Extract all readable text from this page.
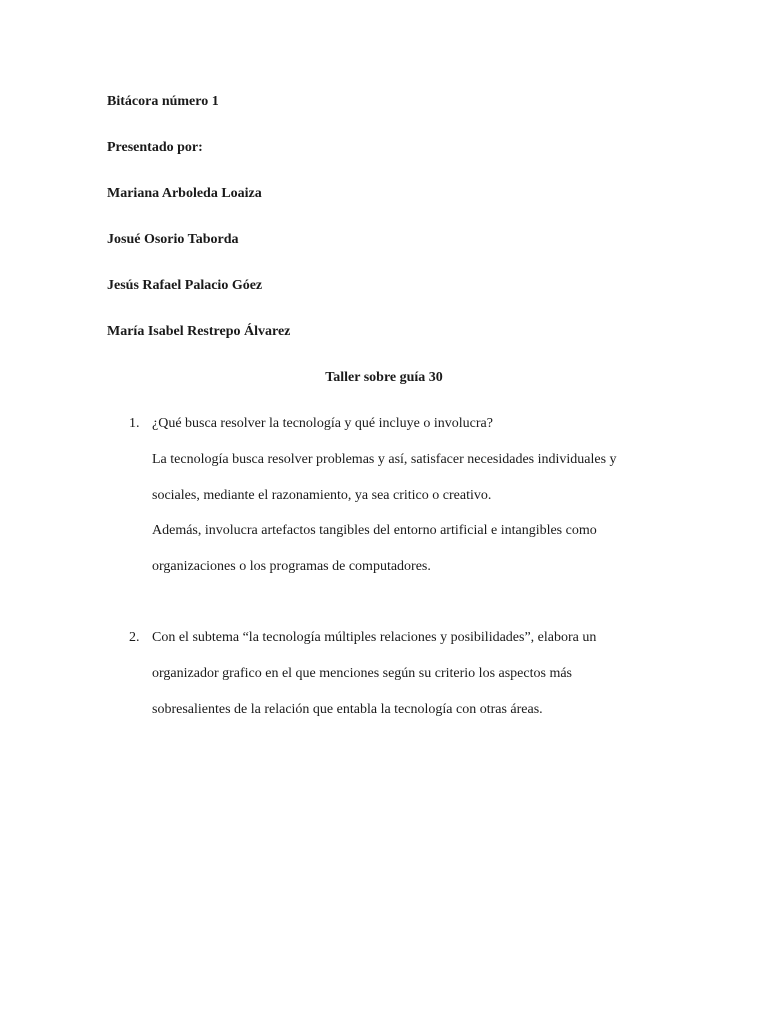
Bitácora número 1
Presentado por:
Mariana Arboleda Loaiza
Josué Osorio Taborda
Jesús Rafael Palacio Góez
María Isabel Restrepo Álvarez
Taller sobre guía 30
1. ¿Qué busca resolver la tecnología y qué incluye o involucra?
La tecnología busca resolver problemas y así, satisfacer necesidades individuales y
sociales, mediante el razonamiento, ya sea critico o creativo.
Además, involucra artefactos tangibles del entorno artificial e intangibles como
organizaciones o los programas de computadores.
2. Con el subtema “la tecnología múltiples relaciones y posibilidades”, elabora un
organizador grafico en el que menciones según su criterio los aspectos más
sobresalientes de la relación que entabla la tecnología con otras áreas.
